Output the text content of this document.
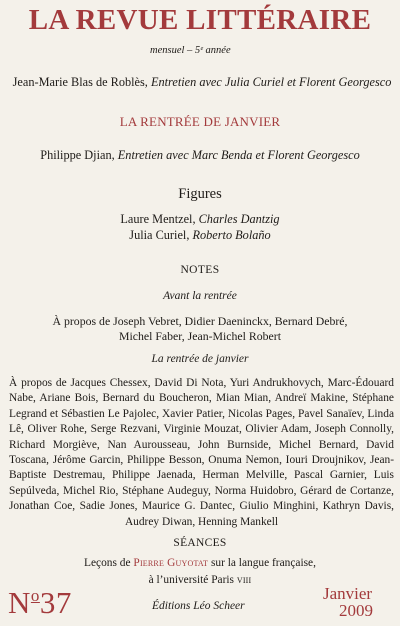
LA REVUE LITTÉRAIRE
mensuel – 5ᵉ année
Jean-Marie Blas de Roblès, Entretien avec Julia Curiel et Florent Georgesco
LA RENTRÉE DE JANVIER
Philippe Djian, Entretien avec Marc Benda et Florent Georgesco
Figures
Laure Mentzel, Charles Dantzig
Julia Curiel, Roberto Bolaño
NOTES
Avant la rentrée
À propos de Joseph Vebret, Didier Daeninckx, Bernard Debré,
Michel Faber, Jean-Michel Robert
La rentrée de janvier
À propos de Jacques Chessex, David Di Nota, Yuri Andrukhovych, Marc-Édouard Nabe, Ariane Bois, Bernard du Boucheron, Mian Mian, Andreï Makine, Stéphane Legrand et Sébastien Le Pajolec, Xavier Patier, Nicolas Pages, Pavel Sanaïev, Linda Lê, Oliver Rohe, Serge Rezvani, Virginie Mouzat, Olivier Adam, Joseph Connolly, Richard Morgiève, Nan Aurousseau, John Burnside, Michel Bernard, David Toscana, Jérôme Garcin, Philippe Besson, Onuma Nemon, Iouri Droujnikov, Jean-Baptiste Destremau, Philippe Jaenada, Herman Melville, Pascal Garnier, Luis Sepúlveda, Michel Rio, Stéphane Audeguy, Norma Huidobro, Gérard de Cortanze, Jonathan Coe, Sadie Jones, Maurice G. Dantec, Giulio Minghini, Kathryn Davis, Audrey Diwan, Henning Mankell
SÉANCES
Leçons de Pierre Guyotat sur la langue française,
à l’université Paris viii
$N^o37$	Éditions Léo Scheer
Janvier
2009
